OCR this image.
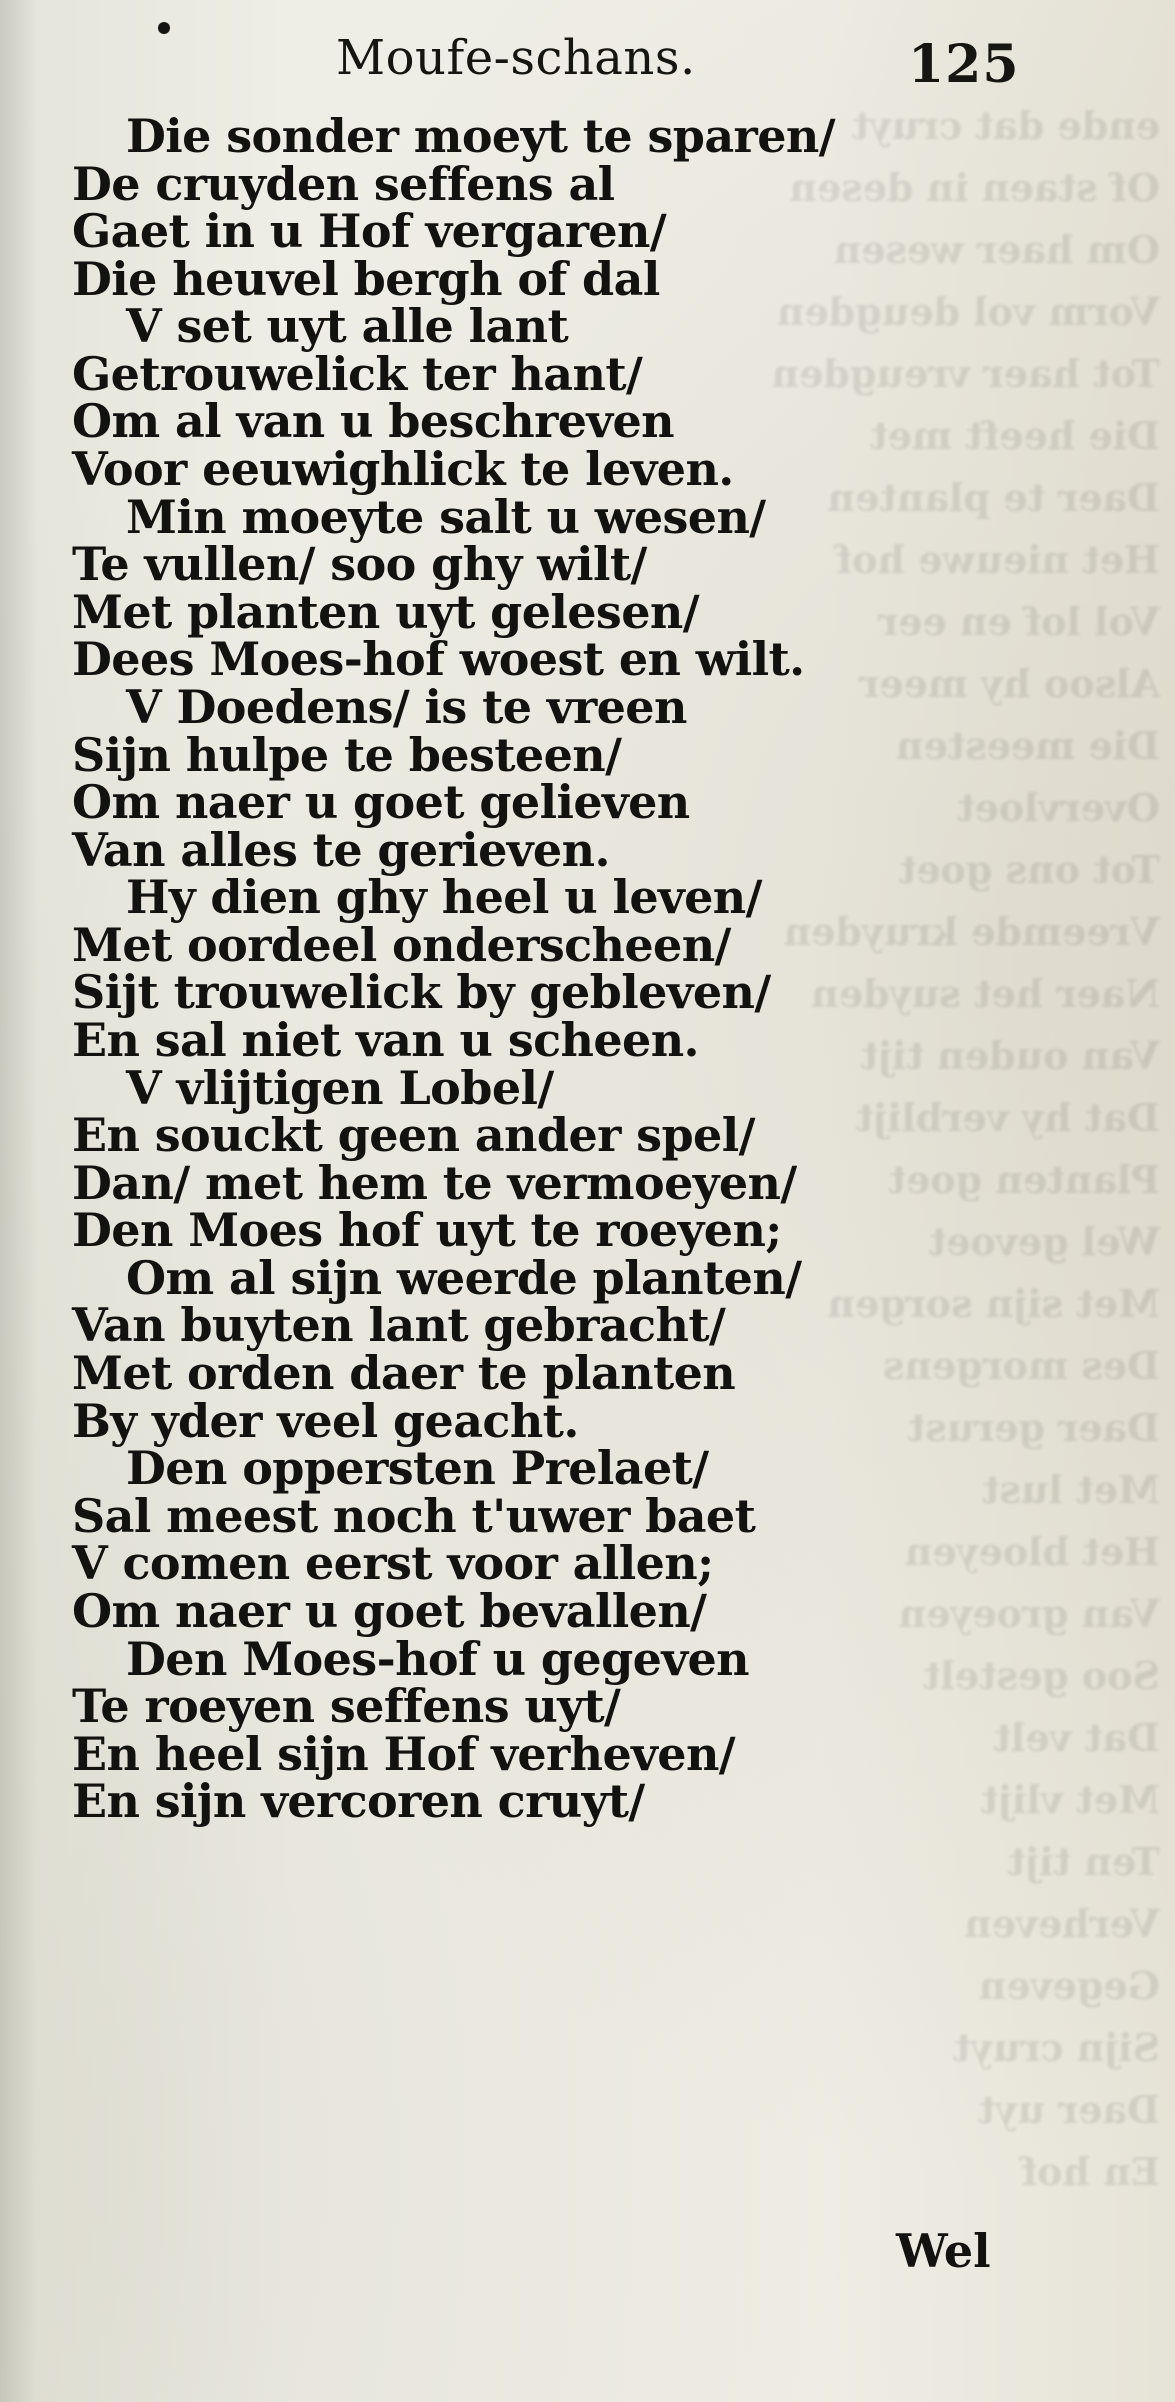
ende dat cruyt
Of staen in desen
Om haer wesen
Vorm vol deugden
Tot haer vreugden
Die heeft met
Daer te planten
Het nieuwe hof
Vol lof en eer
Alsoo hy meer
Die meesten
Overvloet
Tot ons goet
Vreemde kruyden
Naer het suyden
Van ouden tijt
Dat hy verblijt
Planten goet
Wel gevoet
Met sijn sorgen
Des morgens
Daer gerust
Met lust
Het bloeyen
Van groeyen
Soo gestelt
Dat velt
Met vlijt
Ten tijt
Verheven
Gegeven
Sijn cruyt
Daer uyt
En hof
Moufe-schans.	125
Die sonder moeyt te sparen/
De cruyden seffens al
Gaet in u Hof vergaren/
Die heuvel bergh of dal
V set uyt alle lant
Getrouwelick ter hant/
Om al van u beschreven
Voor eeuwighlick te leven.
Min moeyte salt u wesen/
Te vullen/ soo ghy wilt/
Met planten uyt gelesen/
Dees Moes-hof woest en wilt.
V Doedens/ is te vreen
Sijn hulpe te besteen/
Om naer u goet gelieven
Van alles te gerieven.
Hy dien ghy heel u leven/
Met oordeel onderscheen/
Sijt trouwelick by gebleven/
En sal niet van u scheen.
V vlijtigen Lobel/
En souckt geen ander spel/
Dan/ met hem te vermoeyen/
Den Moes hof uyt te roeyen;
Om al sijn weerde planten/
Van buyten lant gebracht/
Met orden daer te planten
By yder veel geacht.
Den oppersten Prelaet/
Sal meest noch t'uwer baet
V comen eerst voor allen;
Om naer u goet bevallen/
Den Moes-hof u gegeven
Te roeyen seffens uyt/
En heel sijn Hof verheven/
En sijn vercoren cruyt/
Wel
